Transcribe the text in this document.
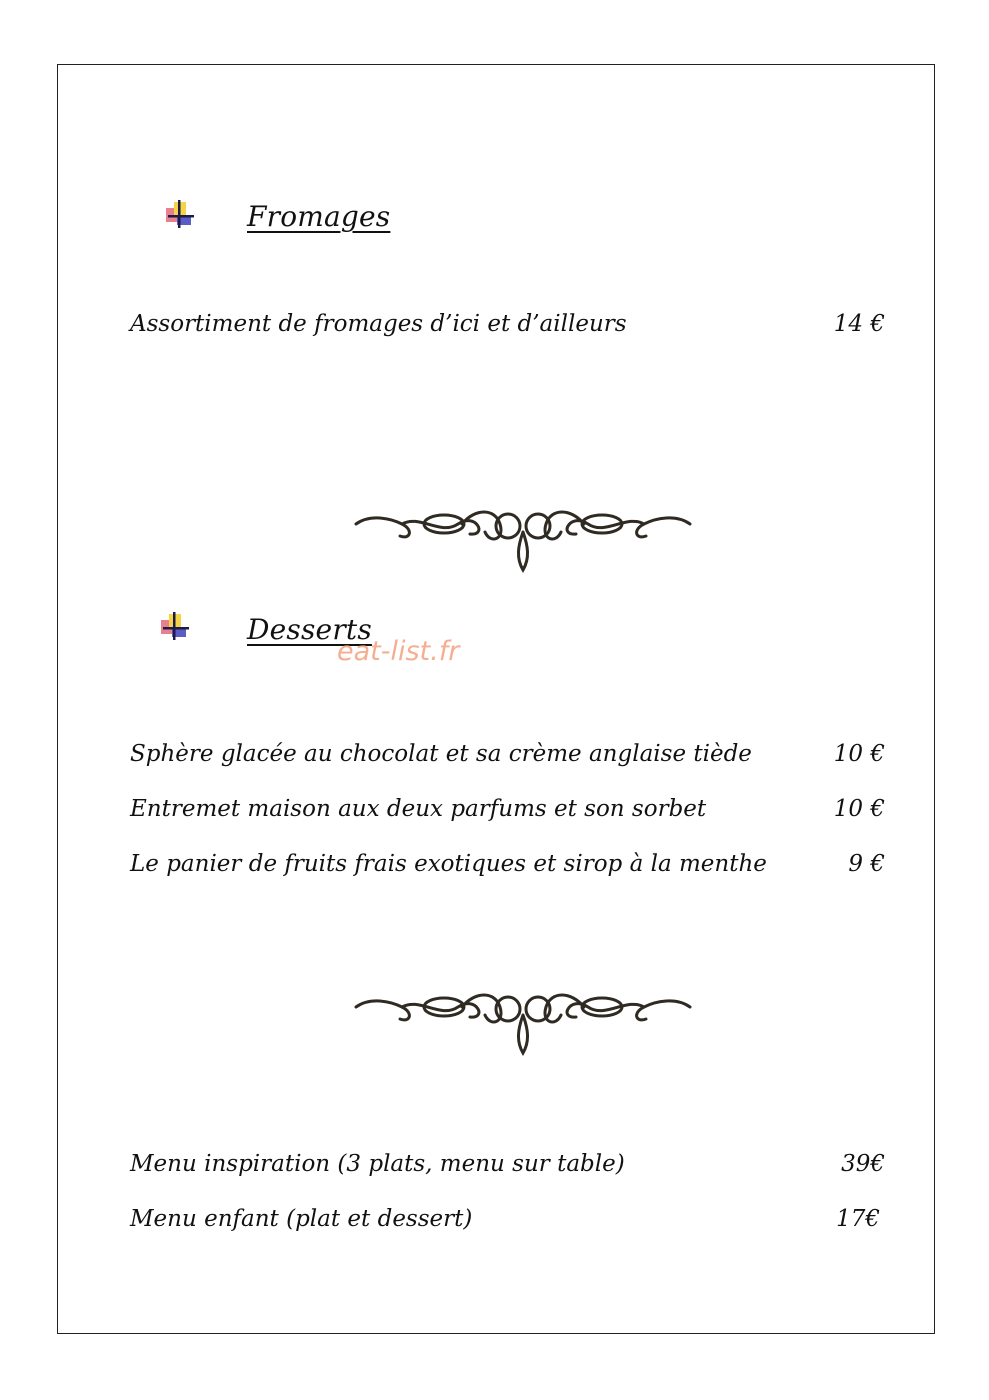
Fromages
Assortiment de fromages d’ici et d’ailleurs	14 €
Desserts
eat-list.fr
Sphère glacée au chocolat et sa crème anglaise tiède	10 €
Entremet maison aux deux parfums et son sorbet	10 €
Le panier de fruits frais exotiques et sirop à la menthe	9 €
Menu inspiration (3 plats, menu sur table)	39€
Menu enfant (plat et dessert)	17€
